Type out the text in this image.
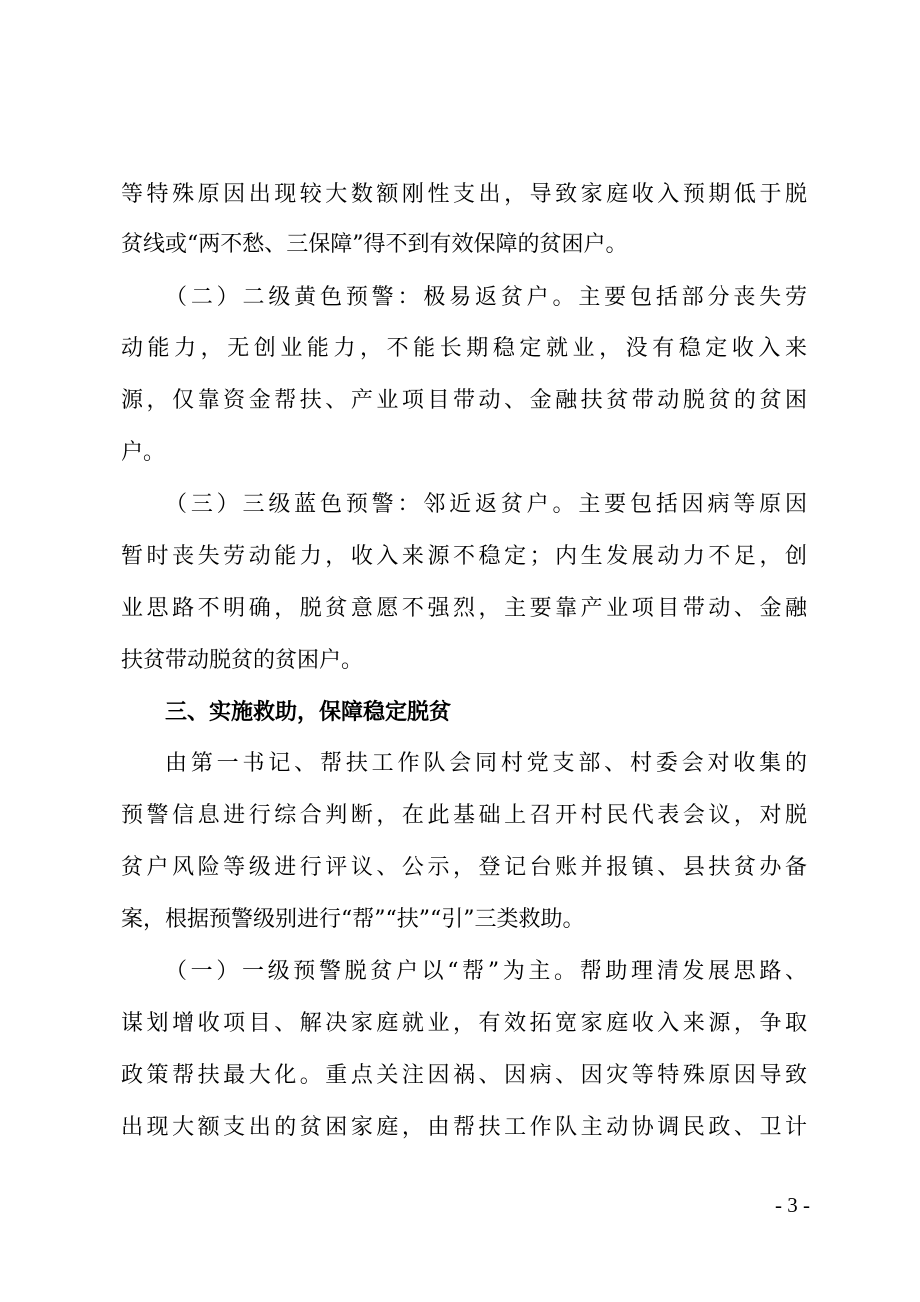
等特殊原因出现较大数额刚性支出，导致家庭收入预期低于脱
贫线或“两不愁、三保障”得不到有效保障的贫困户。
（二）二级黄色预警：极易返贫户。主要包括部分丧失劳
动能力，无创业能力，不能长期稳定就业，没有稳定收入来
源，仅靠资金帮扶、产业项目带动、金融扶贫带动脱贫的贫困
户。
（三）三级蓝色预警：邻近返贫户。主要包括因病等原因
暂时丧失劳动能力，收入来源不稳定；内生发展动力不足，创
业思路不明确，脱贫意愿不强烈，主要靠产业项目带动、金融
扶贫带动脱贫的贫困户。
三、实施救助，保障稳定脱贫
由第一书记、帮扶工作队会同村党支部、村委会对收集的
预警信息进行综合判断，在此基础上召开村民代表会议，对脱
贫户风险等级进行评议、公示，登记台账并报镇、县扶贫办备
案，根据预警级别进行“帮”“扶”“引”三类救助。
（一）一级预警脱贫户以“帮”为主。帮助理清发展思路、
谋划增收项目、解决家庭就业，有效拓宽家庭收入来源，争取
政策帮扶最大化。重点关注因祸、因病、因灾等特殊原因导致
出现大额支出的贫困家庭，由帮扶工作队主动协调民政、卫计
- 3 -
